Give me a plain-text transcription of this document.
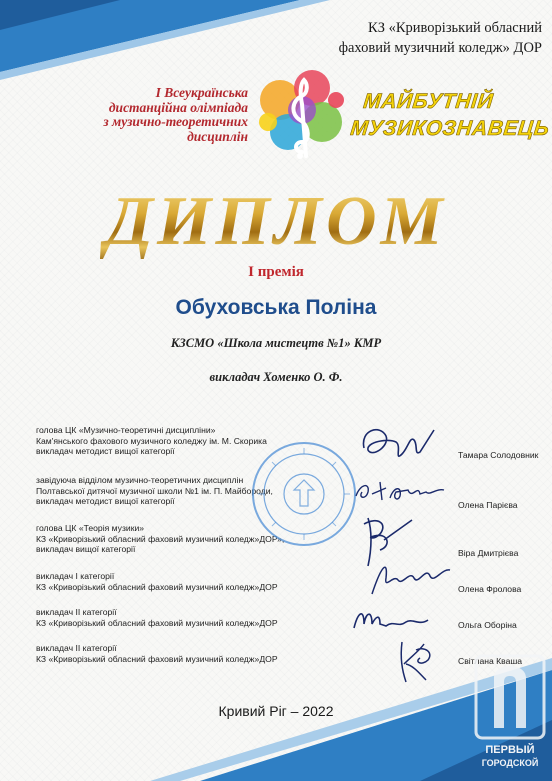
КЗ «Криворізький обласний
фаховий музичний коледж» ДОР
I Всеукраїнська
дистанційна олімпіада
з музично-теоретичних
дисциплін
МАЙБУТНІЙ
МУЗИКОЗНАВЕЦЬ
ДИПЛОМ
I премія
Обуховська Поліна
КЗСМО «Школа мистецтв №1» КМР
викладач Хоменко О. Ф.
голова ЦК «Музично-теоретичні дисципліни»
Кам'янського фахового музичного коледжу ім. М. Скорика
викладач методист вищої категорії	Тамара Солодовник
завідуюча відділом музично-теоретичних дисциплін
Полтавської дитячої музичної школи №1 ім. П. Майбороди,
викладач методист вищої категорії	Олена Парієва
голова ЦК «Теорія музики»
КЗ «Криворізький обласний фаховий музичний коледж»ДОР»,
викладач вищої категорії	Віра Дмитрієва
викладач I категорії
КЗ «Криворізький обласний фаховий музичний коледж»ДОР	Олена Фролова
викладач II категорії
КЗ «Криворізький обласний фаховий музичний коледж»ДОР	Ольга Оборіна
викладач II категорії
КЗ «Криворізький обласний фаховий музичний коледж»ДОР	Світлана Кваша
Кривий Ріг – 2022
ПЕРВЫЙ
ГОРОДСКОЙ
